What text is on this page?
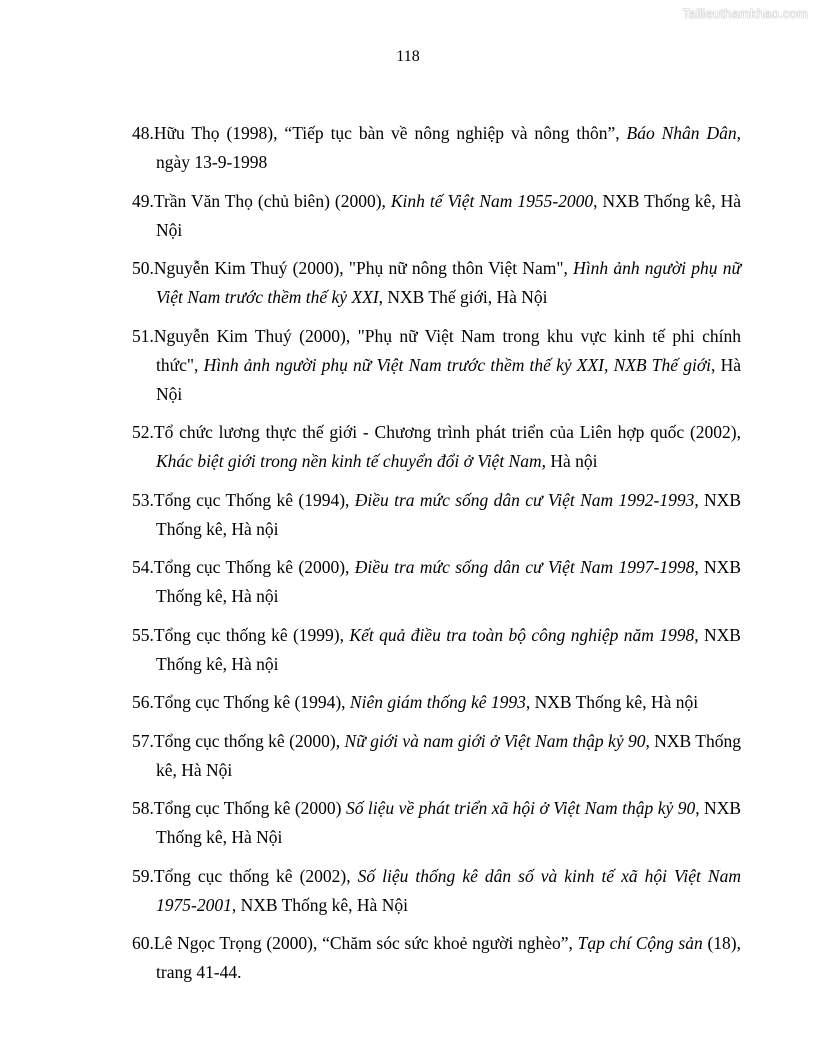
Tailieuthamkhao.com
118
48.Hữu Thọ (1998), “Tiếp tục bàn về nông nghiệp và nông thôn”, Báo Nhân Dân, ngày 13-9-1998
49.Trần Văn Thọ (chủ biên) (2000), Kinh tế Việt Nam 1955-2000, NXB Thống kê, Hà Nội
50.Nguyễn Kim Thuý (2000), "Phụ nữ nông thôn Việt Nam", Hình ảnh người phụ nữ Việt Nam trước thềm thế kỷ XXI, NXB Thế giới, Hà Nội
51.Nguyễn Kim Thuý (2000), "Phụ nữ Việt Nam trong khu vực kinh tế phi chính thức", Hình ảnh người phụ nữ Việt Nam trước thềm thế kỷ XXI, NXB Thế giới, Hà Nội
52.Tổ chức lương thực thế giới - Chương trình phát triển của Liên hợp quốc (2002), Khác biệt giới trong nền kinh tế chuyển đổi ở Việt Nam, Hà nội
53.Tổng cục Thống kê (1994), Điều tra mức sống dân cư Việt Nam 1992-1993, NXB Thống kê, Hà nội
54.Tổng cục Thống kê (2000), Điều tra mức sống dân cư Việt Nam 1997-1998, NXB Thống kê, Hà nội
55.Tổng cục thống kê (1999), Kết quả điều tra toàn bộ công nghiệp năm 1998, NXB Thống kê, Hà nội
56.Tổng cục Thống kê (1994), Niên giám thống kê 1993, NXB Thống kê, Hà nội
57.Tổng cục thống kê (2000), Nữ giới và nam giới ở Việt Nam thập kỷ 90, NXB Thống kê, Hà Nội
58.Tổng cục Thống kê (2000) Số liệu về phát triển xã hội ở Việt Nam thập kỷ 90, NXB Thống kê, Hà Nội
59.Tổng cục thống kê (2002), Số liệu thống kê dân số và kinh tế xã hội Việt Nam 1975-2001, NXB Thống kê, Hà Nội
60.Lê Ngọc Trọng (2000), “Chăm sóc sức khoẻ người nghèo”, Tạp chí Cộng sản (18), trang 41-44.
